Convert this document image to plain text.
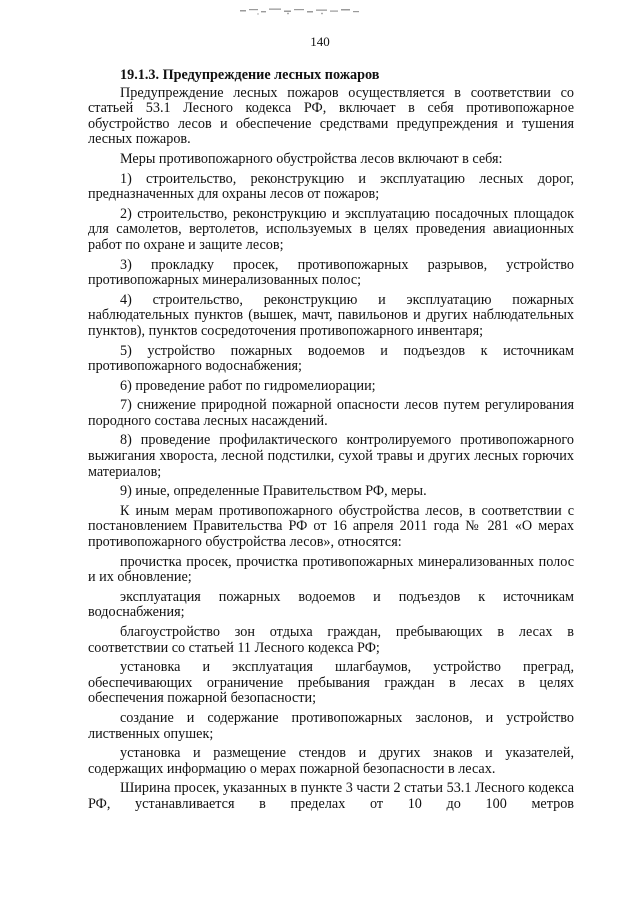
140
19.1.3. Предупреждение лесных пожаров

Предупреждение лесных пожаров осуществляется в соответствии со статьей 53.1 Лесного кодекса РФ, включает в себя противопожарное обустройство лесов и обеспечение средствами предупреждения и тушения лесных пожаров.

Меры противопожарного обустройства лесов включают в себя:

1) строительство, реконструкцию и эксплуатацию лесных дорог, предназначенных для охраны лесов от пожаров;

2) строительство, реконструкцию и эксплуатацию посадочных площадок для самолетов, вертолетов, используемых в целях проведения авиационных работ по охране и защите лесов;

3) прокладку просек, противопожарных разрывов, устройство противопожарных минерализованных полос;

4) строительство, реконструкцию и эксплуатацию пожарных наблюдательных пунктов (вышек, мачт, павильонов и других наблюдательных пунктов), пунктов сосредоточения противопожарного инвентаря;

5) устройство пожарных водоемов и подъездов к источникам противопожарного водоснабжения;

6) проведение работ по гидромелиорации;

7) снижение природной пожарной опасности лесов путем регулирования породного состава лесных насаждений.

8) проведение профилактического контролируемого противопожарного выжигания хвороста, лесной подстилки, сухой травы и других лесных горючих материалов;

9) иные, определенные Правительством РФ, меры.

К иным мерам противопожарного обустройства лесов, в соответствии с постановлением Правительства РФ от 16 апреля 2011 года № 281 «О мерах противопожарного обустройства лесов», относятся:

прочистка просек, прочистка противопожарных минерализованных полос и их обновление;

эксплуатация пожарных водоемов и подъездов к источникам водоснабжения;

благоустройство зон отдыха граждан, пребывающих в лесах в соответствии со статьей 11 Лесного кодекса РФ;

установка и эксплуатация шлагбаумов, устройство преград, обеспечивающих ограничение пребывания граждан в лесах в целях обеспечения пожарной безопасности;

создание и содержание противопожарных заслонов, и устройство лиственных опушек;

установка и размещение стендов и других знаков и указателей, содержащих информацию о мерах пожарной безопасности в лесах.

Ширина просек, указанных в пункте 3 части 2 статьи 53.1 Лесного кодекса РФ, устанавливается в пределах от 10 до 100 метров
